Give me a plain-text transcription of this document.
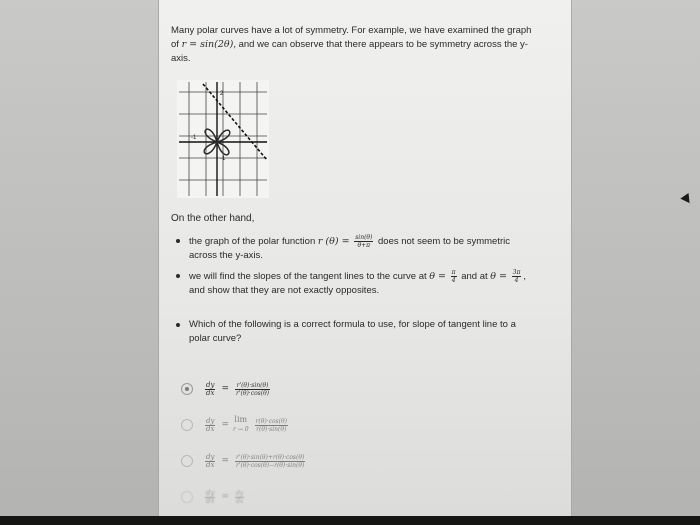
Many polar curves have a lot of symmetry. For example, we have examined the graph
of r = sin(2θ), and we can observe that there appears to be symmetry across the y-
axis.
2
-1
-1
On the other hand,
the graph of the polar function r $(\theta) = \frac{\sin(\theta)}{\theta+\pi}$ does not seem to be symmetric
across the y-axis.
we will find the slopes of the tangent lines to the curve at $\theta = \frac{\pi}{4}$ and at $\theta = \frac{3\pi}{4}$ ,
and show that they are not exactly opposites.
Which of the following is a correct formula to use, for slope of tangent line to a
polar curve?
$\frac{dy}{dx} = \frac{r'(\theta)\cdot\sin(\theta)}{r'(\theta)\cdot\cos(\theta)}$
$\frac{dy}{dx}$ =
lim
$r \to 0 \frac{r(\theta)\cdot\cos(\theta)}{r(\theta)\cdot\sin(\theta)}$
$\frac{dy}{dx} = \frac{r'(\theta)\cdot\sin(\theta)+r(\theta)\cdot\cos(\theta)}{r'(\theta)\cdot\cos(\theta)-r(\theta)\cdot\sin(\theta)}$
$\frac{dy}{dx} = \frac{dy}{dx}$
